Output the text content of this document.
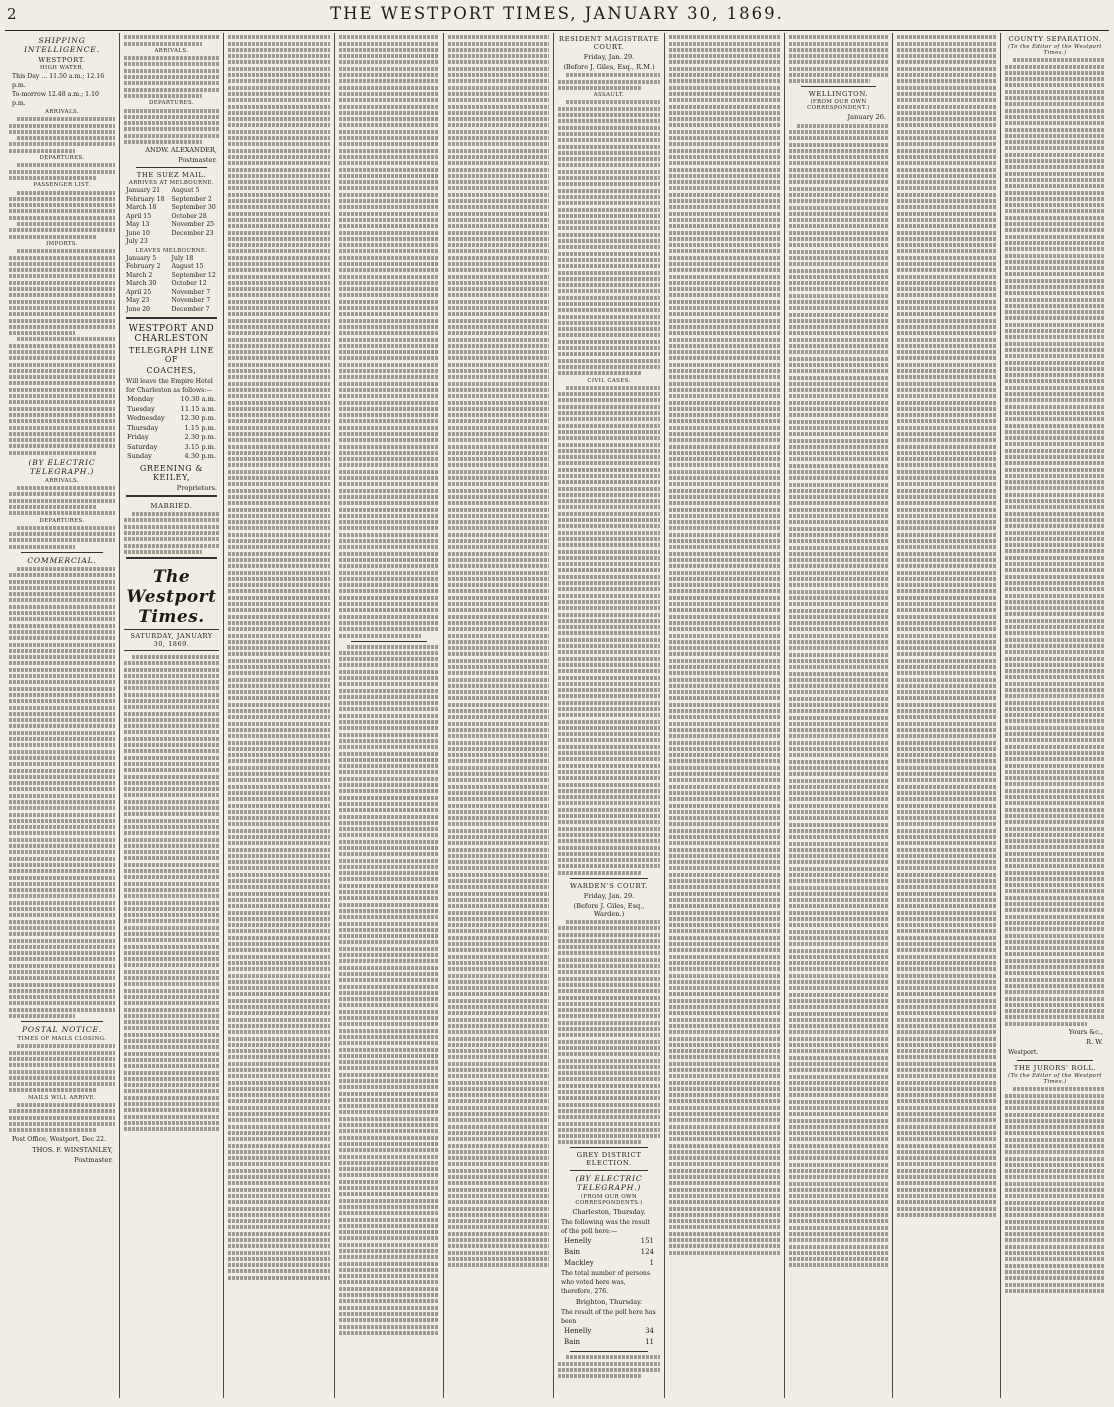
2	THE WESTPORT TIMES, JANUARY 30, 1869.
SHIPPING INTELLIGENCE.
WESTPORT.
HIGH WATER.
This Day ... 11.50 a.m.; 12.16 p.m.
To-morrow 12.48 a.m.; 1.10 p.m.
ARRIVALS.
DEPARTURES.
PASSENGER LIST.
IMPORTS.
(BY ELECTRIC TELEGRAPH.)
ARRIVALS.
DEPARTURES.
COMMERCIAL.
POSTAL NOTICE.
TIMES OF MAILS CLOSING.
MAILS WILL ARRIVE.
Post Office, Westport, Dec 22.
THOS. F. WINSTANLEY,
Postmaster.
ARRIVALS.
DEPARTURES.
ANDW. ALEXANDER,
Postmaster.
THE SUEZ MAIL.
ARRIVES AT MELBOURNE.
January 21	August 5
February 18	September 2
March 18	September 30
April 15	October 28
May 13	November 25
June 10	December 23
July 23
LEAVES MELBOURNE.
January 5	July 18
February 2	August 15
March 2	September 12
March 30	October 12
April 25	November 7
May 23	November 7
June 20	December 7
WESTPORT AND CHARLESTON
TELEGRAPH LINE OF
COACHES,
Will leave the Empire Hotel for Charleston as follows:—
Monday	10.30 a.m.
Tuesday	11.15 a.m.
Wednesday 12.30 p.m.
Thursday	1.15 p.m.
Friday	2.30 p.m.
Saturday	3.15 p.m.
Sunday	4.30 p.m.
GREENING & KEILEY,
Proprietors.
MARRIED.
The Westport Times.
SATURDAY, JANUARY 30, 1869.
RESIDENT MAGISTRATE COURT.
Friday, Jan. 29.
(Before J. Giles, Esq., R.M.)
ASSAULT.
CIVIL CASES.
WARDEN'S COURT.
Friday, Jan. 29.
(Before J. Giles, Esq., Warden.)
GREY DISTRICT ELECTION.
(BY ELECTRIC TELEGRAPH.)
(FROM OUR OWN CORRESPONDENTS.)
Charleston, Thursday.
The following was the result of the poll here:—
Henelly	151
Bain	124
Mackley	1
The total number of persons who voted here was, therefore, 276.
Brighton, Thursday.
The result of the poll here has been
Henelly	34
Bain	11
WELLINGTON.
(FROM OUR OWN CORRESPONDENT.)
January 26.
COUNTY SEPARATION.
(To the Editor of the Westport Times.)
Yours &c.,
R. W.
Westport.
THE JURORS' ROLL.
(To the Editor of the Westport Times.)
